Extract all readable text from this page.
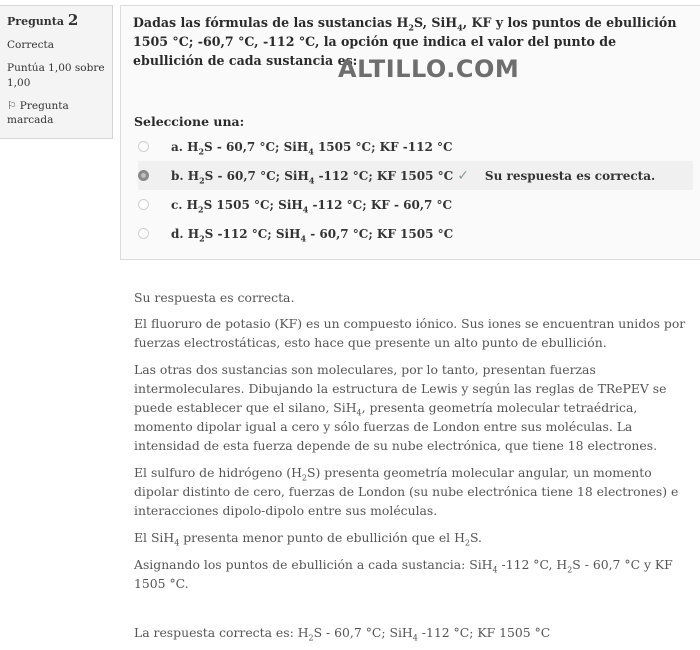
Pregunta 2
Correcta
Puntúa 1,00 sobre 1,00
⚐ Pregunta marcada
Dadas las fórmulas de las sustancias $H_2S$, SiH$_4$, KF y los puntos de ebullición 1505 °C; -60,7 °C, -112 °C, la opción que indica el valor del punto de ebullición de cada sustancia es:
ALTILLO.COM
Seleccione una:
a. $H_2S - 60,7$ °C; SiH$_4$ 1505 °C; KF -112 °C
b. $H_2S - 60,7$ °C; SiH$_4$ -112 °C; KF 1505 °C ✓ Su respuesta es correcta.
c. $H_2S$ 1505 °C; SiH$_4$ -112 °C; KF - 60,7 °C
d. $H_2S$ -112 °C; SiH$_4$ - 60,7 °C; KF 1505 °C

Su respuesta es correcta.

El fluoruro de potasio (KF) es un compuesto iónico. Sus iones se encuentran unidos por fuerzas electrostáticas, esto hace que presente un alto punto de ebullición.

Las otras dos sustancias son moleculares, por lo tanto, presentan fuerzas intermoleculares. Dibujando la estructura de Lewis y según las reglas de TRePEV se puede establecer que el silano, SiH$_4$, presenta geometría molecular tetraédrica, momento dipolar igual a cero y sólo fuerzas de London entre sus moléculas. La intensidad de esta fuerza depende de su nube electrónica, que tiene 18 electrones.

El sulfuro de hidrógeno $(H_2S)$ presenta geometría molecular angular, un momento dipolar distinto de cero, fuerzas de London (su nube electrónica tiene 18 electrones) e interacciones dipolo-dipolo entre sus moléculas.

El SiH$_4$ presenta menor punto de ebullición que el $H_2S$.

Asignando los puntos de ebullición a cada sustancia: SiH$_4$ -112 °C, $H_2S - 60,7$ °C y KF 1505 °C.

La respuesta correcta es: $H_2S - 60,7$ °C; SiH$_4$ -112 °C; KF 1505 °C
